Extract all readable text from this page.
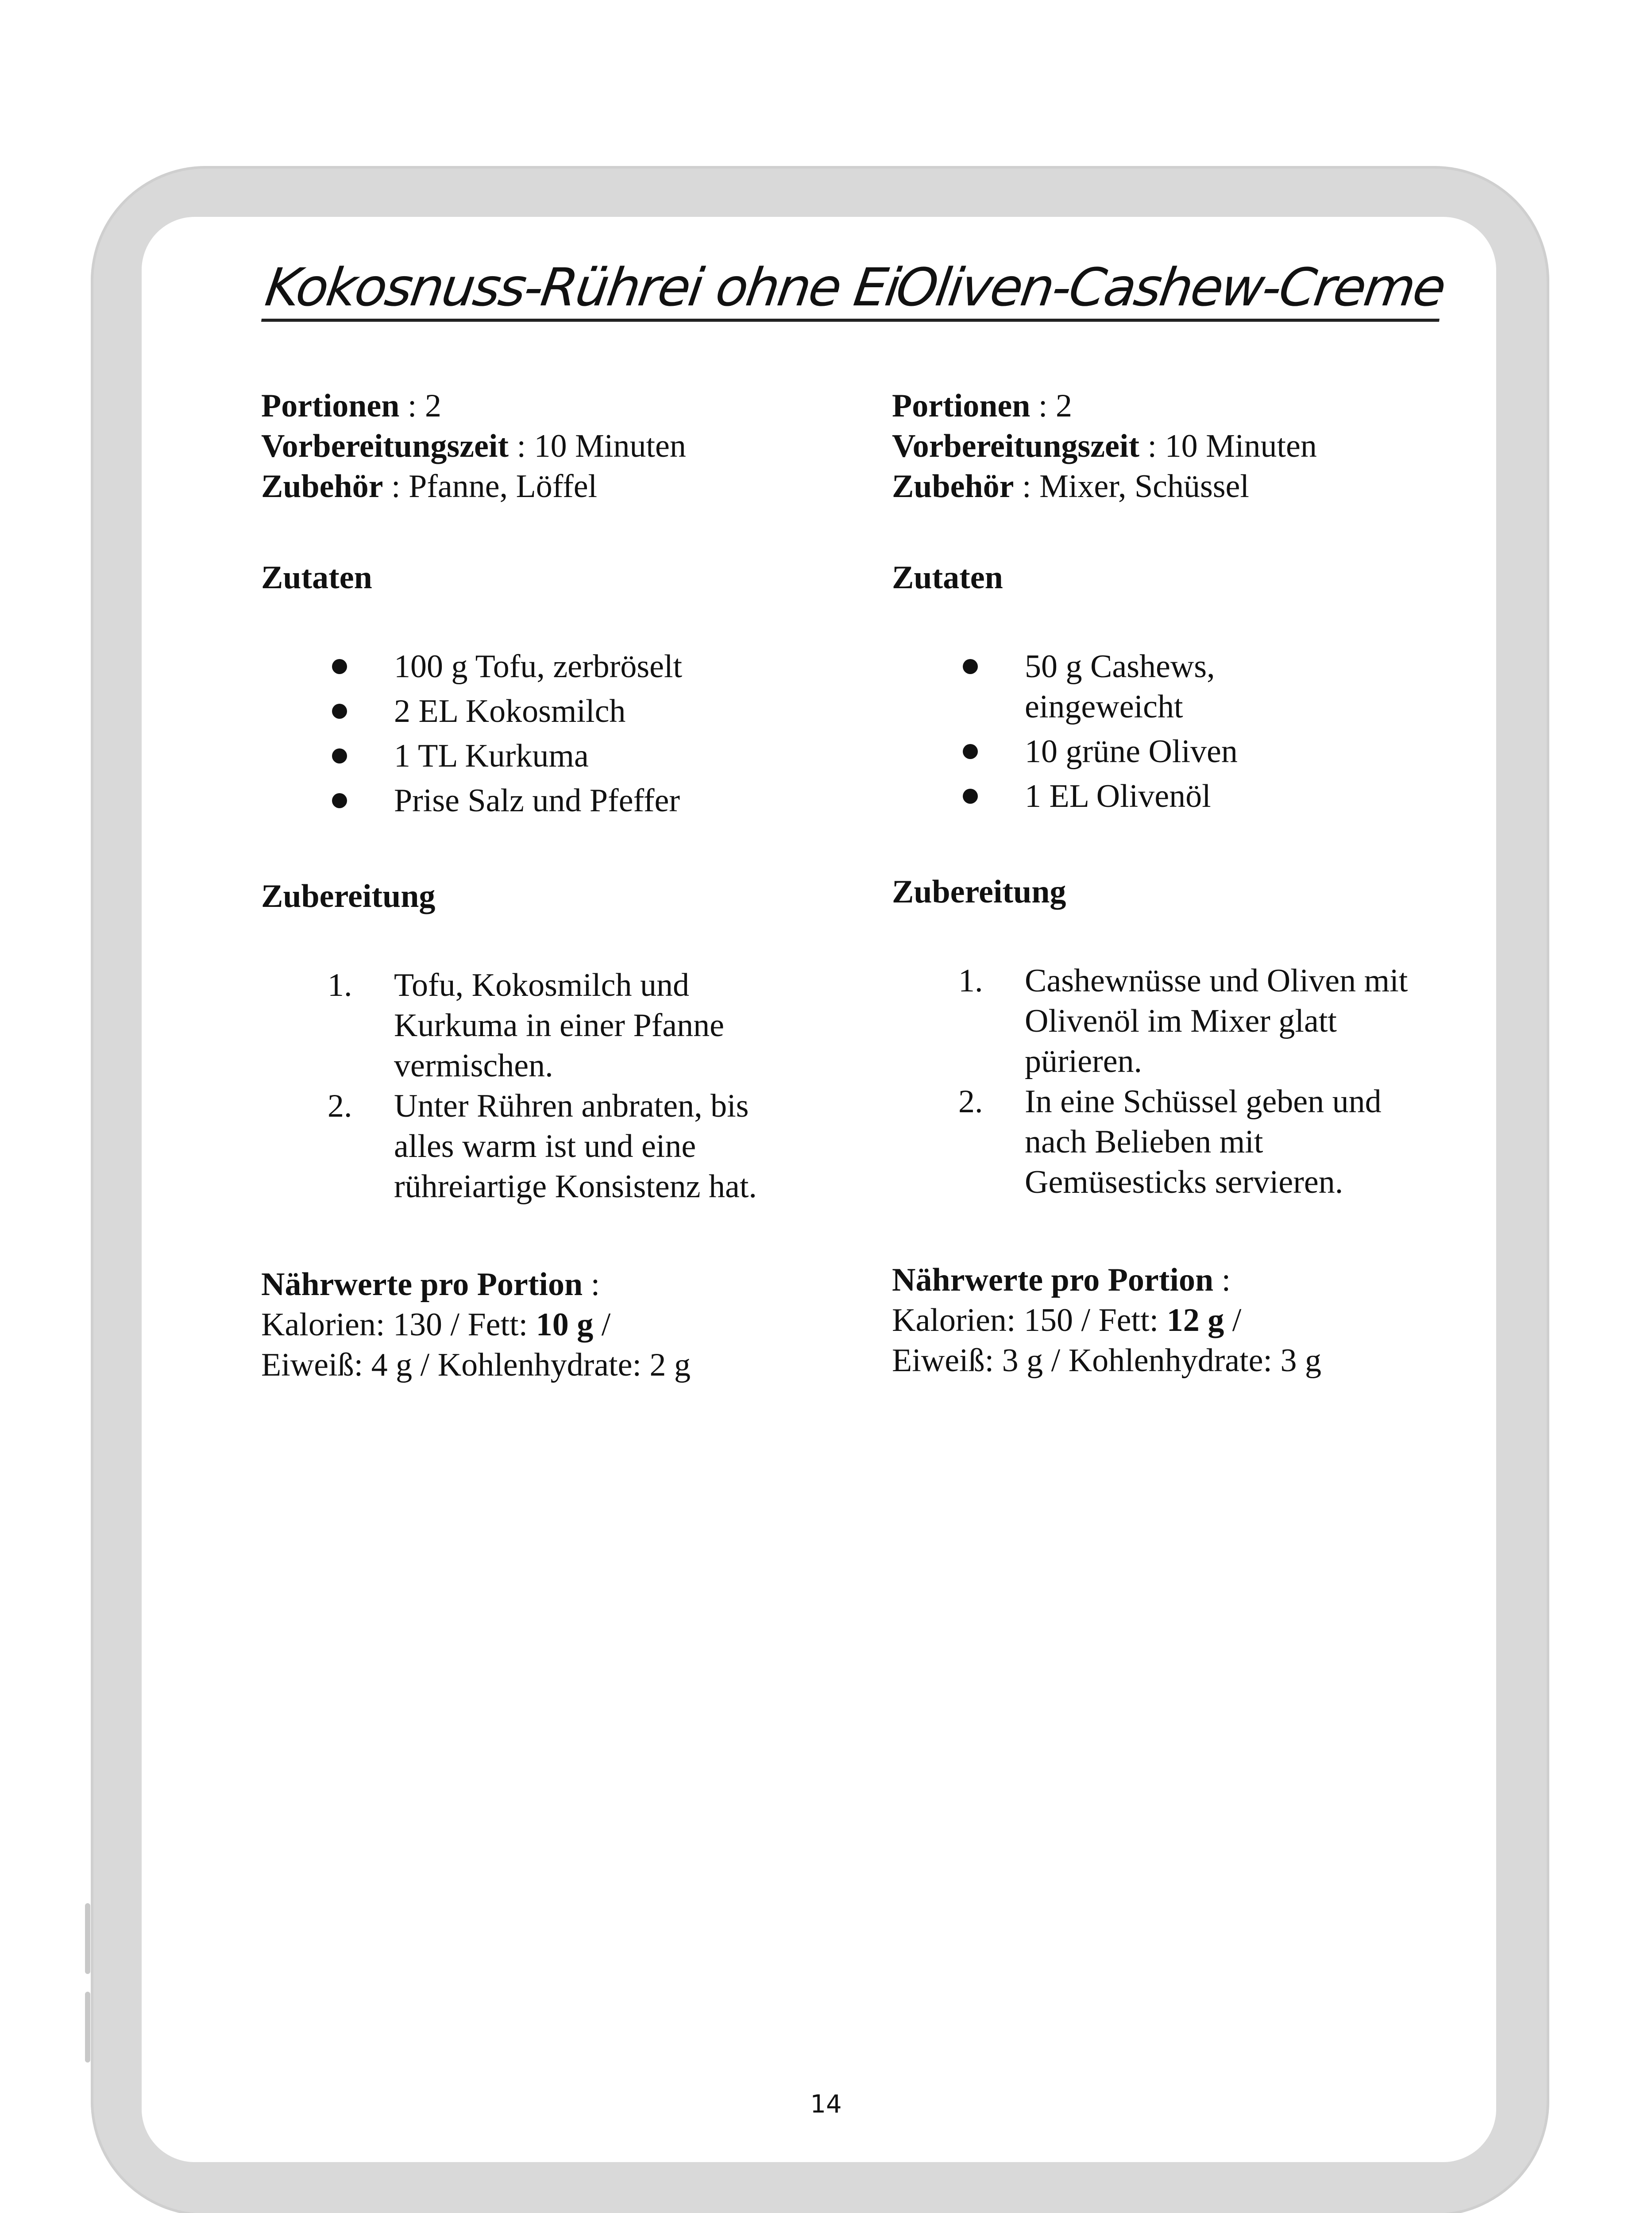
Kokosnuss-Rührei ohne Ei
Portionen : 2
Vorbereitungszeit : 10 Minuten
Zubehör : Pfanne, Löffel
Zutaten
100 g Tofu, zerbröselt
2 EL Kokosmilch
1 TL Kurkuma
Prise Salz und Pfeffer
Zubereitung
1. Tofu, Kokosmilch und Kurkuma in einer Pfanne vermischen.
2. Unter Rühren anbraten, bis alles warm ist und eine rühreiartige Konsistenz hat.
Nährwerte pro Portion :
Kalorien: 130 / Fett: 10 g /
Eiweiß: 4 g / Kohlenhydrate: 2 g
Oliven-Cashew-Creme
Portionen : 2
Vorbereitungszeit : 10 Minuten
Zubehör : Mixer, Schüssel
Zutaten
50 g Cashews, eingeweicht
10 grüne Oliven
1 EL Olivenöl
Zubereitung
1. Cashewnüsse und Oliven mit Olivenöl im Mixer glatt pürieren.
2. In eine Schüssel geben und nach Belieben mit Gemüsesticks servieren.
Nährwerte pro Portion :
Kalorien: 150 / Fett: 12 g /
Eiweiß: 3 g / Kohlenhydrate: 3 g
14
